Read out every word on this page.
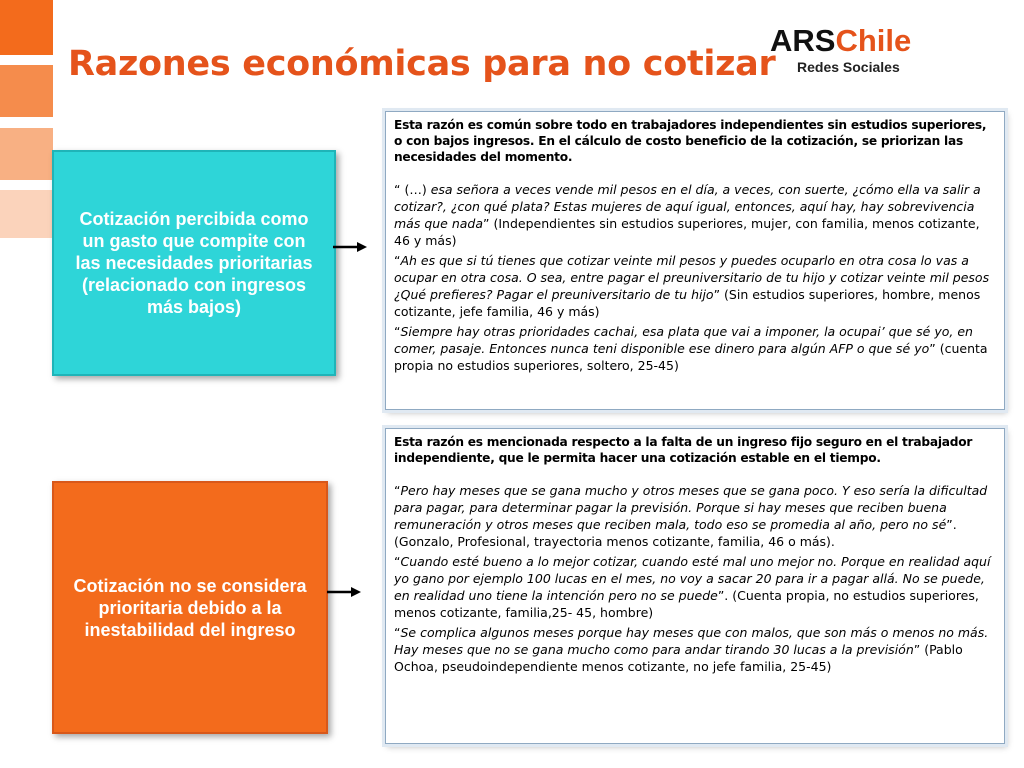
Razones económicas para no cotizar
ARSChile
Redes Sociales
Cotización percibida como un gasto que compite con las necesidades prioritarias (relacionado con ingresos más bajos)

Esta razón es común sobre todo en trabajadores independientes sin estudios superiores, o con bajos ingresos. En el cálculo de costo beneficio de la cotización, se priorizan las necesidades del momento.

“ (…) esa señora a veces vende mil pesos en el día, a veces, con suerte, ¿cómo ella va salir a cotizar?, ¿con qué plata? Estas mujeres de aquí igual, entonces, aquí hay, hay sobrevivencia más que nada” (Independientes sin estudios superiores, mujer, con familia, menos cotizante, 46 y más)

“Ah es que si tú tienes que cotizar veinte mil pesos y puedes ocuparlo en otra cosa lo vas a ocupar en otra cosa. O sea, entre pagar el preuniversitario de tu hijo y cotizar veinte mil pesos ¿Qué prefieres? Pagar el preuniversitario de tu hijo” (Sin estudios superiores, hombre, menos cotizante, jefe familia, 46 y más)

“Siempre hay otras prioridades cachai, esa plata que vai a imponer, la ocupai’ que sé yo, en comer, pasaje. Entonces nunca teni disponible ese dinero para algún AFP o que sé yo” (cuenta propia no estudios superiores, soltero, 25-45)

Cotización no se considera prioritaria debido a la inestabilidad del ingreso

Esta razón es mencionada respecto a la falta de un ingreso fijo seguro en el trabajador independiente, que le permita hacer una cotización estable en el tiempo.

“Pero hay meses que se gana mucho y otros meses que se gana poco. Y eso sería la dificultad para pagar, para determinar pagar la previsión. Porque si hay meses que reciben buena remuneración y otros meses que reciben mala, todo eso se promedia al año, pero no sé”. (Gonzalo, Profesional, trayectoria menos cotizante, familia, 46 o más).

“Cuando esté bueno a lo mejor cotizar, cuando esté mal uno mejor no. Porque en realidad aquí yo gano por ejemplo 100 lucas en el mes, no voy a sacar 20 para ir a pagar allá. No se puede, en realidad uno tiene la intención pero no se puede”. (Cuenta propia, no estudios superiores, menos cotizante, familia,25- 45, hombre)

“Se complica algunos meses porque hay meses que con malos, que son más o menos no más. Hay meses que no se gana mucho como para andar tirando 30 lucas a la previsión” (Pablo Ochoa, pseudoindependiente menos cotizante, no jefe familia, 25-45)
